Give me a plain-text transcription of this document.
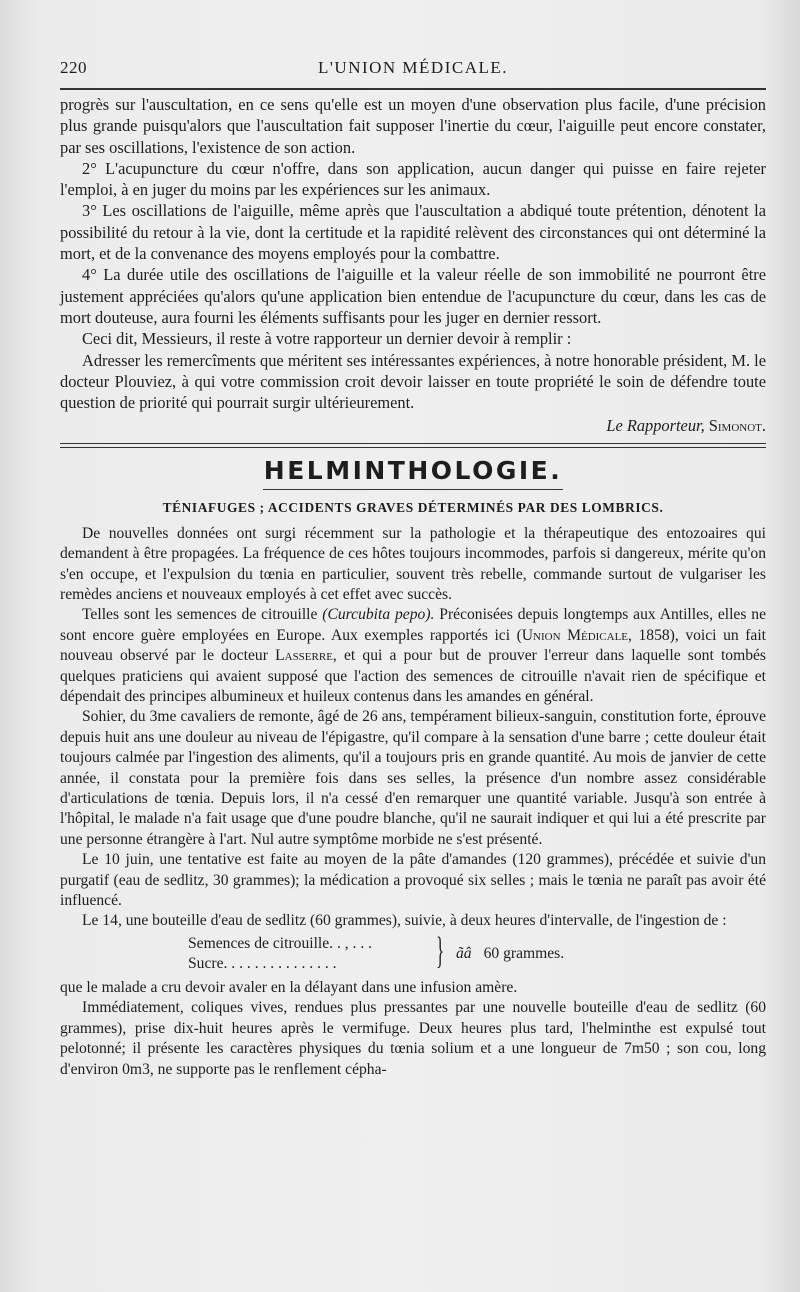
220	L'UNION MÉDICALE.

progrès sur l'auscultation, en ce sens qu'elle est un moyen d'une observation plus facile, d'une précision plus grande puisqu'alors que l'auscultation fait supposer l'inertie du cœur, l'aiguille peut encore constater, par ses oscillations, l'existence de son action.

2° L'acupuncture du cœur n'offre, dans son application, aucun danger qui puisse en faire rejeter l'emploi, à en juger du moins par les expériences sur les animaux.

3° Les oscillations de l'aiguille, même après que l'auscultation a abdiqué toute prétention, dénotent la possibilité du retour à la vie, dont la certitude et la rapidité relèvent des circonstances qui ont déterminé la mort, et de la convenance des moyens employés pour la combattre.

4° La durée utile des oscillations de l'aiguille et la valeur réelle de son immobilité ne pourront être justement appréciées qu'alors qu'une application bien entendue de l'acupuncture du cœur, dans les cas de mort douteuse, aura fourni les éléments suffisants pour les juger en dernier ressort.

Ceci dit, Messieurs, il reste à votre rapporteur un dernier devoir à remplir :

Adresser les remercîments que méritent ses intéressantes expériences, à notre honorable président, M. le docteur Plouviez, à qui votre commission croit devoir laisser en toute propriété le soin de défendre toute question de priorité qui pourrait surgir ultérieurement.

Le Rapporteur, Simonot.
HELMINTHOLOGIE.
TÉNIAFUGES ; ACCIDENTS GRAVES DÉTERMINÉS PAR DES LOMBRICS.

De nouvelles données ont surgi récemment sur la pathologie et la thérapeutique des entozoaires qui demandent à être propagées. La fréquence de ces hôtes toujours incommodes, parfois si dangereux, mérite qu'on s'en occupe, et l'expulsion du tœnia en particulier, souvent très rebelle, commande surtout de vulgariser les remèdes anciens et nouveaux employés à cet effet avec succès.

Telles sont les semences de citrouille (Curcubita pepo). Préconisées depuis longtemps aux Antilles, elles ne sont encore guère employées en Europe. Aux exemples rapportés ici (Union Médicale, 1858), voici un fait nouveau observé par le docteur Lasserre, et qui a pour but de prouver l'erreur dans laquelle sont tombés quelques praticiens qui avaient supposé que l'action des semences de citrouille n'avait rien de spécifique et dépendait des principes albumineux et huileux contenus dans les amandes en général.

Sohier, du 3me cavaliers de remonte, âgé de 26 ans, tempérament bilieux-sanguin, constitution forte, éprouve depuis huit ans une douleur au niveau de l'épigastre, qu'il compare à la sensation d'une barre ; cette douleur était toujours calmée par l'ingestion des aliments, qu'il a toujours pris en grande quantité. Au mois de janvier de cette année, il constata pour la première fois dans ses selles, la présence d'un nombre assez considérable d'articulations de tœnia. Depuis lors, il n'a cessé d'en remarquer une quantité variable. Jusqu'à son entrée à l'hôpital, le malade n'a fait usage que d'une poudre blanche, qu'il ne saurait indiquer et qui lui a été prescrite par une personne étrangère à l'art. Nul autre symptôme morbide ne s'est présenté.

Le 10 juin, une tentative est faite au moyen de la pâte d'amandes (120 grammes), précédée et suivie d'un purgatif (eau de sedlitz, 30 grammes); la médication a provoqué six selles ; mais le tœnia ne paraît pas avoir été influencé.

Le 14, une bouteille d'eau de sedlitz (60 grammes), suivie, à deux heures d'intervalle, de l'ingestion de :

Semences de citrouille. . , . . .
Sucre. . . . . . . . . . . . . . .	} ãâ 60 grammes.

que le malade a cru devoir avaler en la délayant dans une infusion amère.

Immédiatement, coliques vives, rendues plus pressantes par une nouvelle bouteille d'eau de sedlitz (60 grammes), prise dix-huit heures après le vermifuge. Deux heures plus tard, l'helminthe est expulsé tout pelotonné; il présente les caractères physiques du tœnia solium et a une longueur de 7m50 ; son cou, long d'environ 0m3, ne supporte pas le renflement cépha-
